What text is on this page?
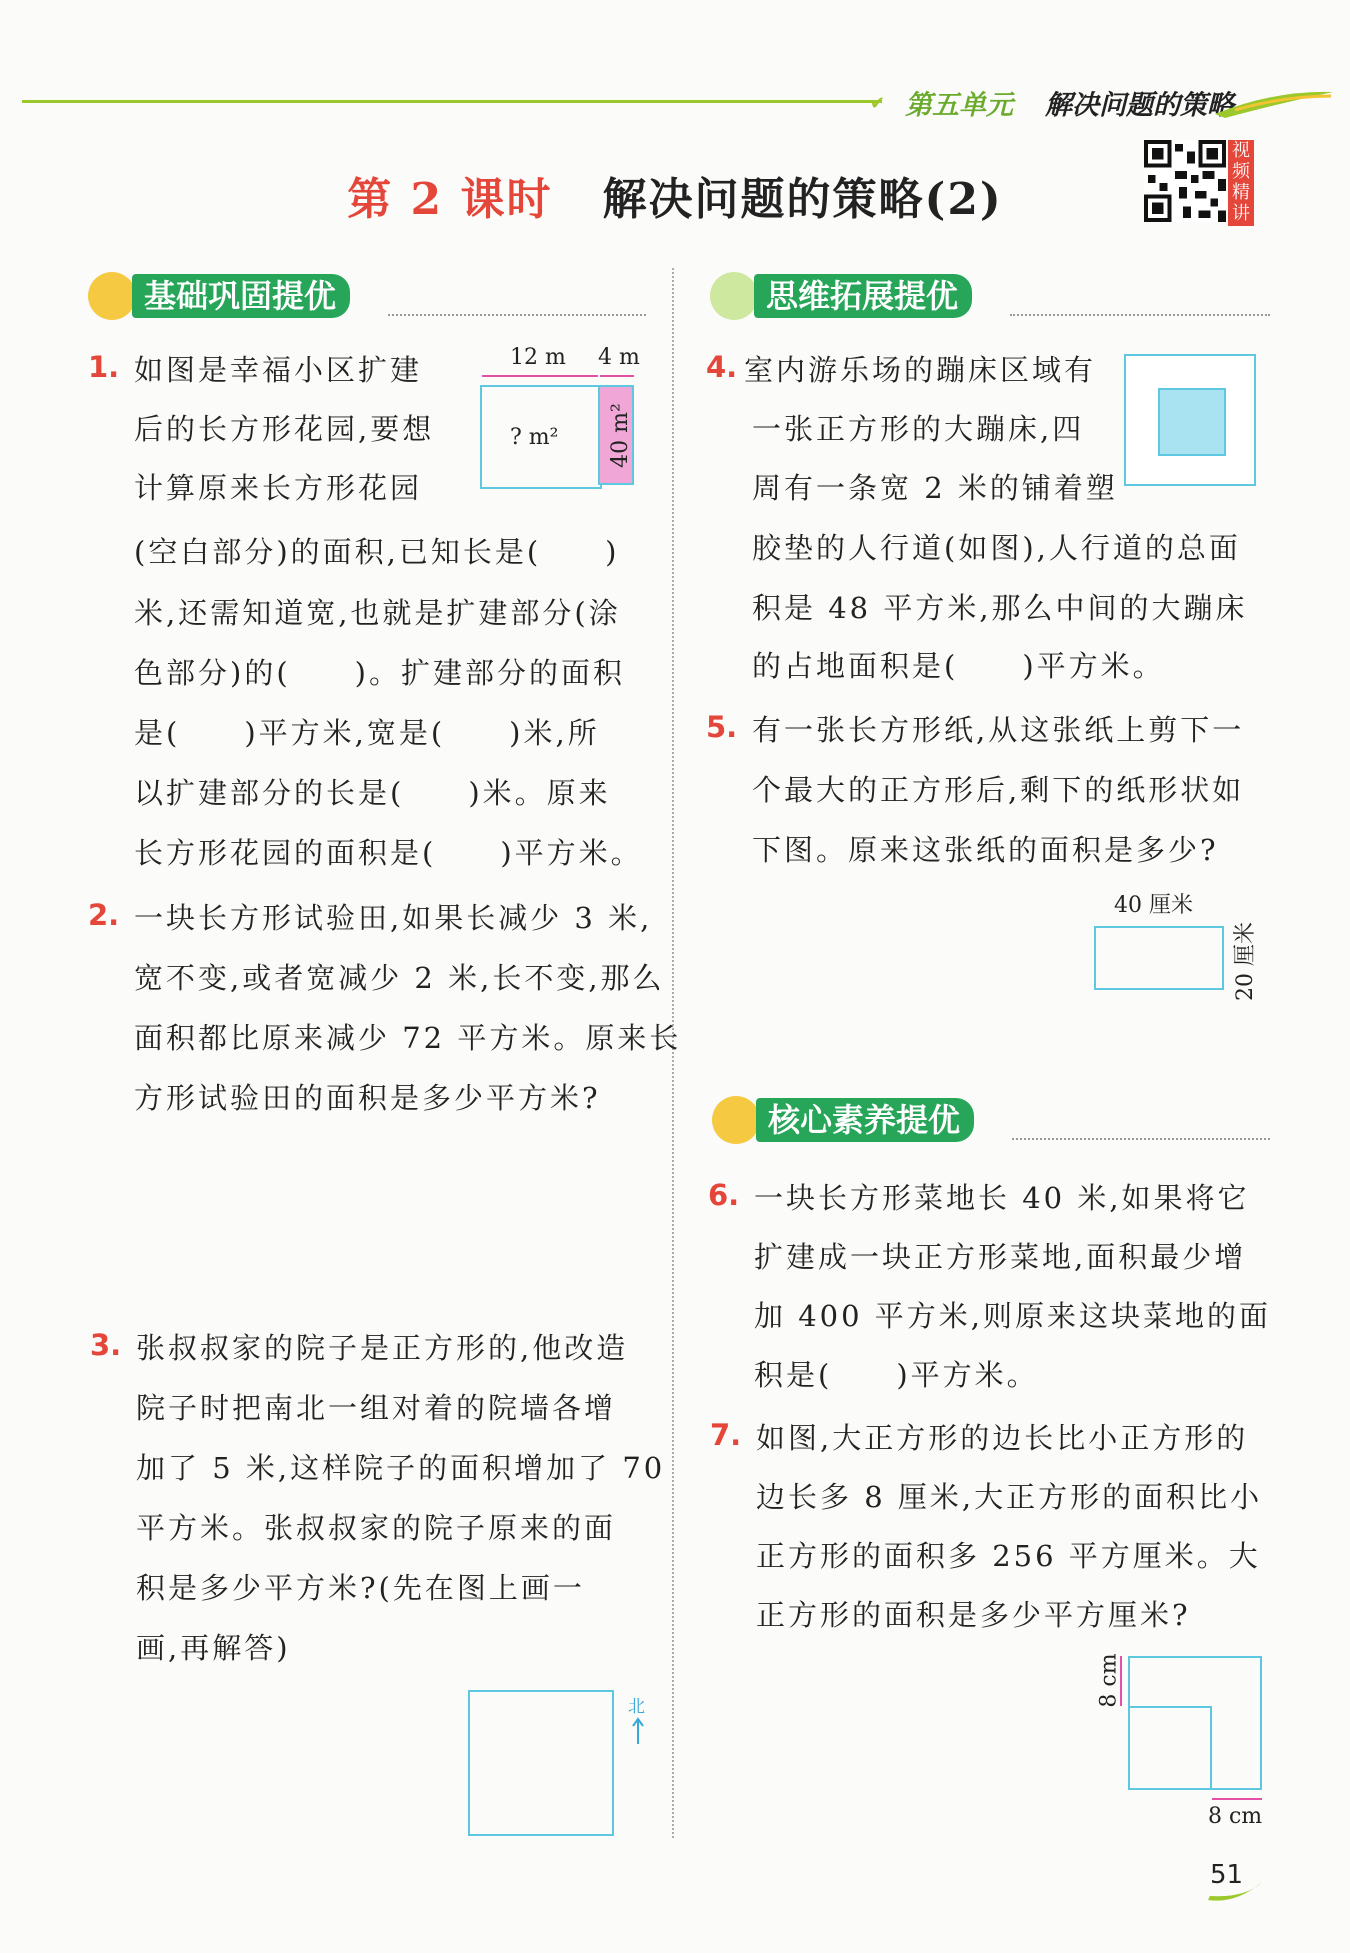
✔ 第五单元 解决问题的策略
第 2 课时 解决问题的策略(2)
视频精讲
基础巩固提优	思维拓展提优
核心素养提优
1. 如图是幸福小区扩建
后的长方形花园,要想
计算原来长方形花园
(空白部分)的面积,已知长是(　　)
米,还需知道宽,也就是扩建部分(涂
色部分)的(　　)。扩建部分的面积
是(　　)平方米,宽是(　　)米,所
以扩建部分的长是(　　)米。原来
长方形花园的面积是(　　)平方米。
12 m 4 m
? m² 40 m²
2. 一块长方形试验田,如果长减少 3 米,
宽不变,或者宽减少 2 米,长不变,那么
面积都比原来减少 72 平方米。原来长
方形试验田的面积是多少平方米?
3. 张叔叔家的院子是正方形的,他改造
院子时把南北一组对着的院墙各增
加了 5 米,这样院子的面积增加了 70
平方米。张叔叔家的院子原来的面
积是多少平方米?(先在图上画一
画,再解答)
北
4. 室内游乐场的蹦床区域有
一张正方形的大蹦床,四
周有一条宽 2 米的铺着塑
胶垫的人行道(如图),人行道的总面
积是 48 平方米,那么中间的大蹦床
的占地面积是(　　)平方米。
5. 有一张长方形纸,从这张纸上剪下一
个最大的正方形后,剩下的纸形状如
下图。原来这张纸的面积是多少?
40 厘米
20 厘米
6. 一块长方形菜地长 40 米,如果将它
扩建成一块正方形菜地,面积最少增
加 400 平方米,则原来这块菜地的面
积是(　　)平方米。
7. 如图,大正方形的边长比小正方形的
边长多 8 厘米,大正方形的面积比小
正方形的面积多 256 平方厘米。大
正方形的面积是多少平方厘米?
8 cm
8 cm
51
